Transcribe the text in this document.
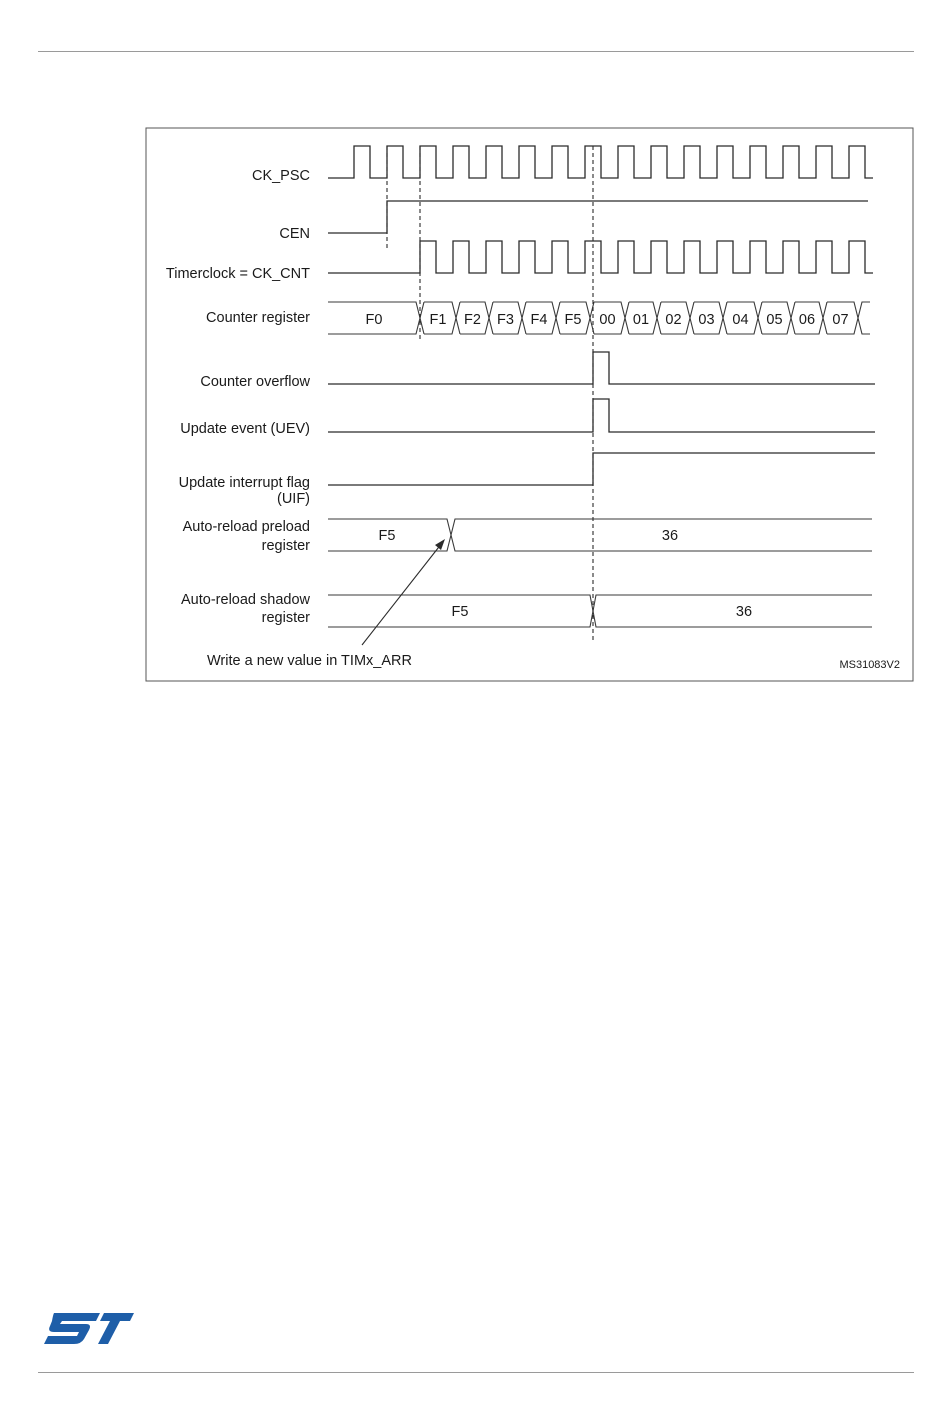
CK_PSC
CEN
Timerclock = CK_CNT
Counter register
Counter overflow
Update event (UEV)
Update interrupt flag
(UIF)
Auto-reload preload
register
Auto-reload shadow
register
F0	F1 F2 F3 F4 F5 00 01 02 03 04 05 06 07
F5	36
F5	36
Write a new value in TIMx_ARR	MS31083V2
